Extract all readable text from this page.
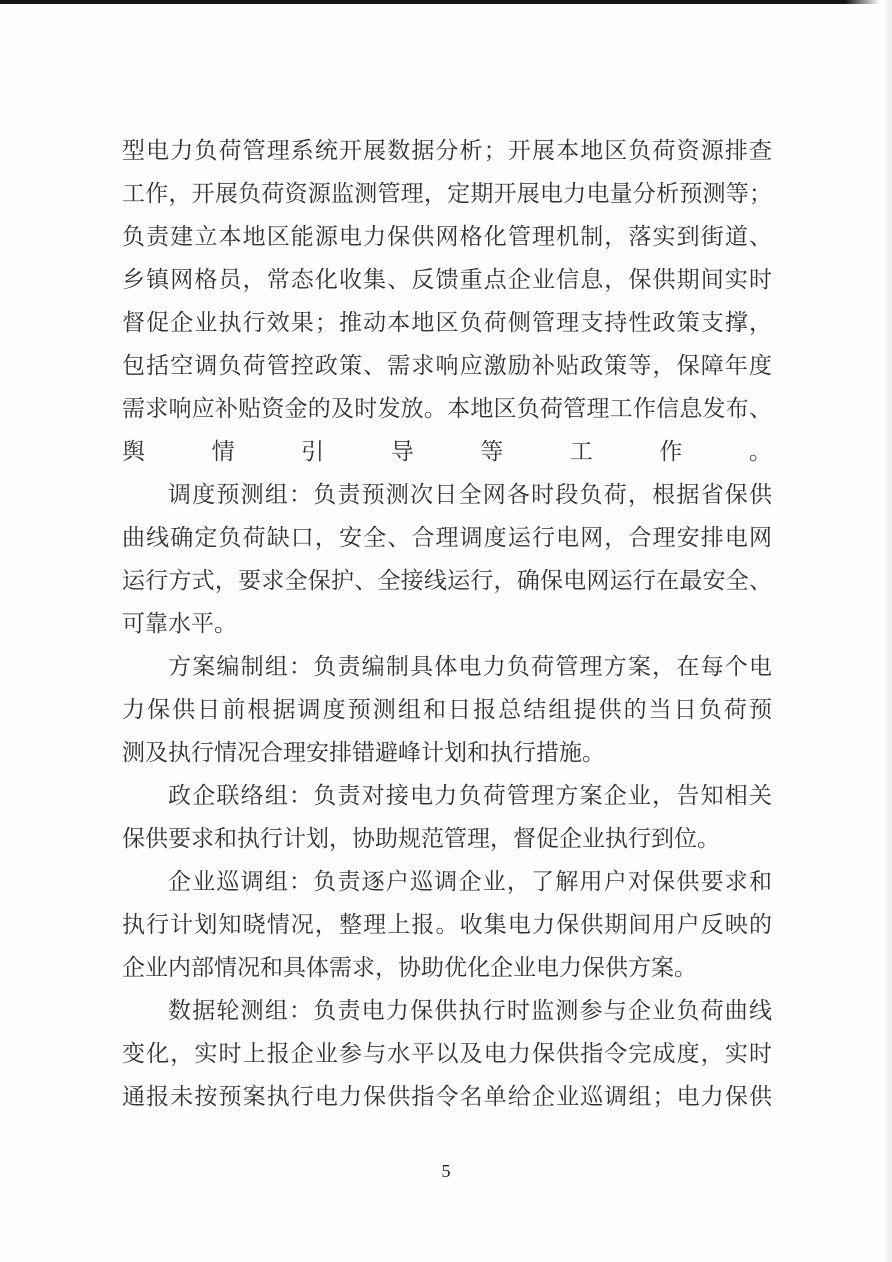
型电力负荷管理系统开展数据分析；开展本地区负荷资源排查
工作，开展负荷资源监测管理，定期开展电力电量分析预测等；
负责建立本地区能源电力保供网格化管理机制，落实到街道、
乡镇网格员，常态化收集、反馈重点企业信息，保供期间实时
督促企业执行效果；推动本地区负荷侧管理支持性政策支撑，
包括空调负荷管控政策、需求响应激励补贴政策等，保障年度
需求响应补贴资金的及时发放。本地区负荷管理工作信息发布、
舆情引导等工作。
调度预测组：负责预测次日全网各时段负荷，根据省保供
曲线确定负荷缺口，安全、合理调度运行电网，合理安排电网
运行方式，要求全保护、全接线运行，确保电网运行在最安全、
可靠水平。
方案编制组：负责编制具体电力负荷管理方案，在每个电
力保供日前根据调度预测组和日报总结组提供的当日负荷预
测及执行情况合理安排错避峰计划和执行措施。
政企联络组：负责对接电力负荷管理方案企业，告知相关
保供要求和执行计划，协助规范管理，督促企业执行到位。
企业巡调组：负责逐户巡调企业，了解用户对保供要求和
执行计划知晓情况，整理上报。收集电力保供期间用户反映的
企业内部情况和具体需求，协助优化企业电力保供方案。
数据轮测组：负责电力保供执行时监测参与企业负荷曲线
变化，实时上报企业参与水平以及电力保供指令完成度，实时
通报未按预案执行电力保供指令名单给企业巡调组；电力保供
5
